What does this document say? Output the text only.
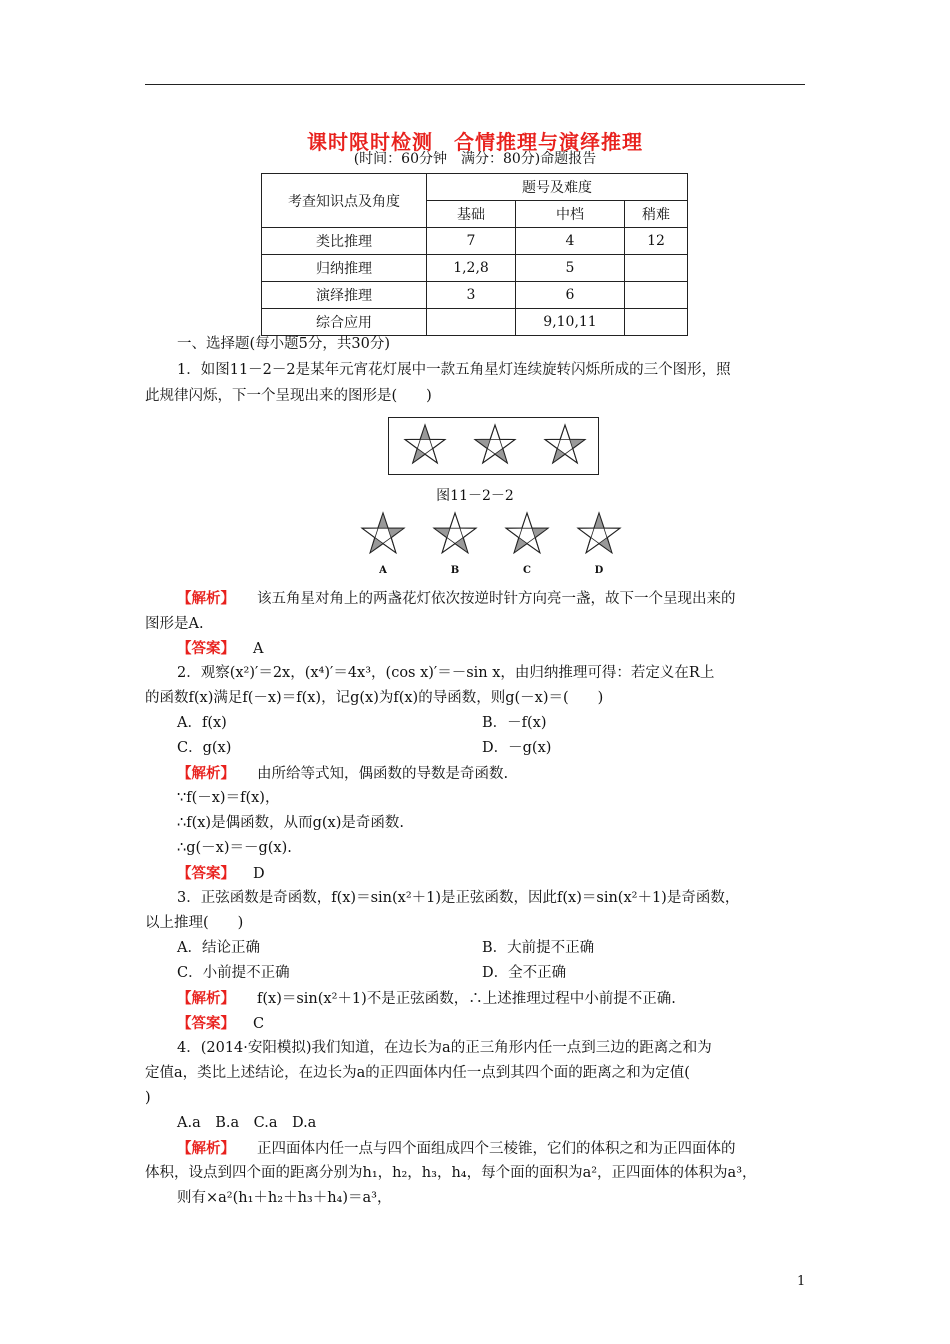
课时限时检测　合情推理与演绎推理
(时间：60分钟　满分：80分)命题报告
考查知识点及角度	题号及难度		
	基础	中档	稍难
类比推理	7	4	12
归纳推理	1,2,8	5	
演绎推理	3	6	
综合应用		9,10,11	
一、选择题(每小题5分，共30分)
1．如图11－2－2是某年元宵花灯展中一款五角星灯连续旋转闪烁所成的三个图形，照
此规律闪烁，下一个呈现出来的图形是(　　)
图11－2－2
A	B	C	D
【解析】 该五角星对角上的两盏花灯依次按逆时针方向亮一盏，故下一个呈现出来的
图形是A.
【答案】 A
2．观察(x²)′＝2x，(x⁴)′＝4x³，(cos x)′＝－sin x，由归纳推理可得：若定义在R上
的函数f(x)满足f(－x)＝f(x)，记g(x)为f(x)的导函数，则g(－x)＝(　　)
A．f(x)	B．－f(x)
C．g(x)	D．－g(x)
【解析】 由所给等式知，偶函数的导数是奇函数.
∵f(－x)＝f(x)，
∴f(x)是偶函数，从而g(x)是奇函数.
∴g(－x)＝－g(x).
【答案】 D
3．正弦函数是奇函数，f(x)＝sin(x²＋1)是正弦函数，因此f(x)＝sin(x²＋1)是奇函数，
以上推理(　　)
A．结论正确	B．大前提不正确
C．小前提不正确	D．全不正确
【解析】 f(x)＝sin(x²＋1)不是正弦函数，∴上述推理过程中小前提不正确.
【答案】 C
4．(2014·安阳模拟)我们知道，在边长为a的正三角形内任一点到三边的距离之和为
定值a，类比上述结论，在边长为a的正四面体内任一点到其四个面的距离之和为定值(
)
A.a　B.a　C.a　D.a
【解析】 正四面体内任一点与四个面组成四个三棱锥，它们的体积之和为正四面体的
体积，设点到四个面的距离分别为h₁，h₂，h₃，h₄，每个面的面积为a²，正四面体的体积为a³，
则有×a²(h₁＋h₂＋h₃＋h₄)＝a³，
1
